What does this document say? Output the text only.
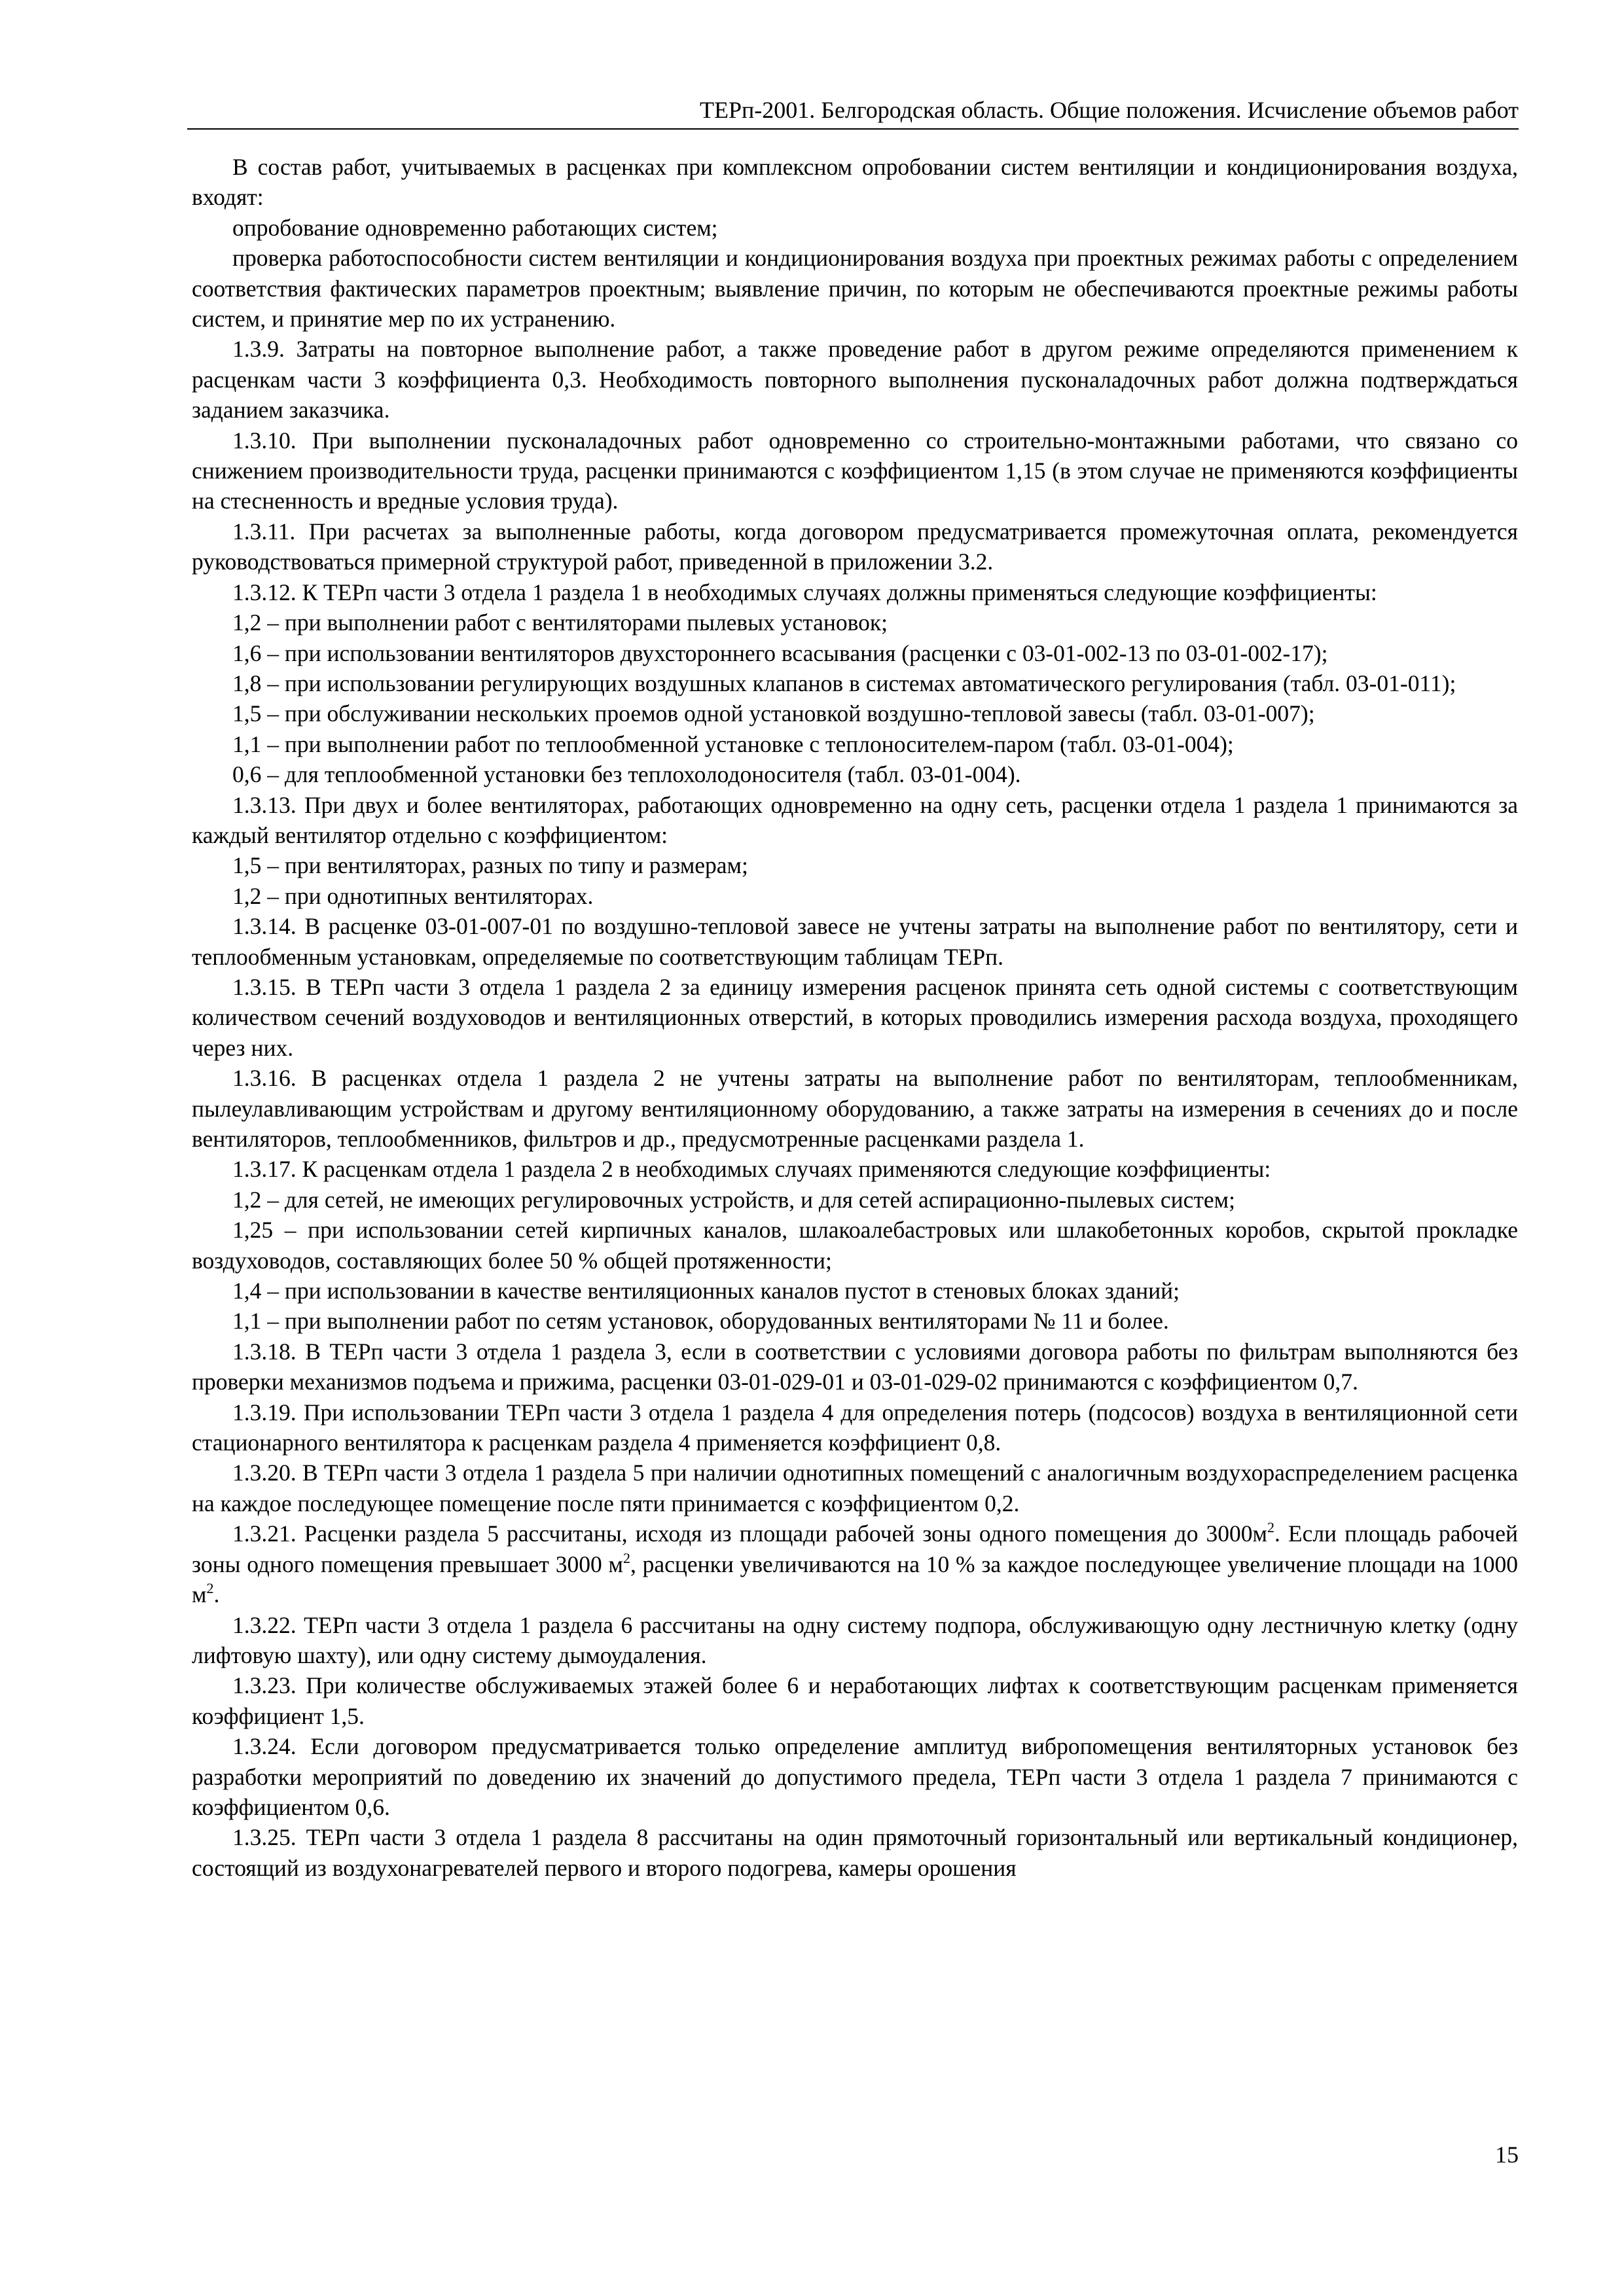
ТЕРп-2001. Белгородская область. Общие положения. Исчисление объемов работ

В состав работ, учитываемых в расценках при комплексном опробовании систем вентиляции и кондиционирования воздуха, входят:

опробование одновременно работающих систем;

проверка работоспособности систем вентиляции и кондиционирования воздуха при проектных режимах работы с определением соответствия фактических параметров проектным; выявление причин, по которым не обеспечиваются проектные режимы работы систем, и принятие мер по их устранению.

1.3.9. Затраты на повторное выполнение работ, а также проведение работ в другом режиме определяются применением к расценкам части 3 коэффициента 0,3. Необходимость повторного выполнения пусконаладочных работ должна подтверждаться заданием заказчика.

1.3.10. При выполнении пусконаладочных работ одновременно со строительно-монтажными работами, что связано со снижением производительности труда, расценки принимаются с коэффициентом 1,15 (в этом случае не применяются коэффициенты на стесненность и вредные условия труда).

1.3.11. При расчетах за выполненные работы, когда договором предусматривается промежуточная оплата, рекомендуется руководствоваться примерной структурой работ, приведенной в приложении 3.2.

1.3.12. К ТЕРп части 3 отдела 1 раздела 1 в необходимых случаях должны применяться следующие коэффициенты:

1,2 – при выполнении работ с вентиляторами пылевых установок;

1,6 – при использовании вентиляторов двухстороннего всасывания (расценки с 03-01-002-13 по 03-01-002-17);

1,8 – при использовании регулирующих воздушных клапанов в системах автоматического регулирования (табл. 03-01-011);

1,5 – при обслуживании нескольких проемов одной установкой воздушно-тепловой завесы (табл. 03-01-007);

1,1 – при выполнении работ по теплообменной установке с теплоносителем-паром (табл. 03-01-004);

0,6 – для теплообменной установки без теплохолодоносителя (табл. 03-01-004).

1.3.13. При двух и более вентиляторах, работающих одновременно на одну сеть, расценки отдела 1 раздела 1 принимаются за каждый вентилятор отдельно с коэффициентом:

1,5 – при вентиляторах, разных по типу и размерам;

1,2 – при однотипных вентиляторах.

1.3.14. В расценке 03-01-007-01 по воздушно-тепловой завесе не учтены затраты на выполнение работ по вентилятору, сети и теплообменным установкам, определяемые по соответствующим таблицам ТЕРп.

1.3.15. В ТЕРп части 3 отдела 1 раздела 2 за единицу измерения расценок принята сеть одной системы с соответствующим количеством сечений воздуховодов и вентиляционных отверстий, в которых проводились измерения расхода воздуха, проходящего через них.

1.3.16. В расценках отдела 1 раздела 2 не учтены затраты на выполнение работ по вентиляторам, теплообменникам, пылеулавливающим устройствам и другому вентиляционному оборудованию, а также затраты на измерения в сечениях до и после вентиляторов, теплообменников, фильтров и др., предусмотренные расценками раздела 1.

1.3.17. К расценкам отдела 1 раздела 2 в необходимых случаях применяются следующие коэффициенты:

1,2 – для сетей, не имеющих регулировочных устройств, и для сетей аспирационно-пылевых систем;

1,25 – при использовании сетей кирпичных каналов, шлакоалебастровых или шлакобетонных коробов, скрытой прокладке воздуховодов, составляющих более 50 % общей протяженности;

1,4 – при использовании в качестве вентиляционных каналов пустот в стеновых блоках зданий;

1,1 – при выполнении работ по сетям установок, оборудованных вентиляторами № 11 и более.

1.3.18. В ТЕРп части 3 отдела 1 раздела 3, если в соответствии с условиями договора работы по фильтрам выполняются без проверки механизмов подъема и прижима, расценки 03-01-029-01 и 03-01-029-02 принимаются с коэффициентом 0,7.

1.3.19. При использовании ТЕРп части 3 отдела 1 раздела 4 для определения потерь (подсосов) воздуха в вентиляционной сети стационарного вентилятора к расценкам раздела 4 применяется коэффициент 0,8.

1.3.20. В ТЕРп части 3 отдела 1 раздела 5 при наличии однотипных помещений с аналогичным воздухораспределением расценка на каждое последующее помещение после пяти принимается с коэффициентом 0,2.

1.3.21. Расценки раздела 5 рассчитаны, исходя из площади рабочей зоны одного помещения до $3000м^2$. Если площадь рабочей зоны одного помещения превышает 3000 $м^2$, расценки увеличиваются на 10 % за каждое последующее увеличение площади на 1000 $м^2$.

1.3.22. ТЕРп части 3 отдела 1 раздела 6 рассчитаны на одну систему подпора, обслуживающую одну лестничную клетку (одну лифтовую шахту), или одну систему дымоудаления.

1.3.23. При количестве обслуживаемых этажей более 6 и неработающих лифтах к соответствующим расценкам применяется коэффициент 1,5.

1.3.24. Если договором предусматривается только определение амплитуд вибропомещения вентиляторных установок без разработки мероприятий по доведению их значений до допустимого предела, ТЕРп части 3 отдела 1 раздела 7 принимаются с коэффициентом 0,6.

1.3.25. ТЕРп части 3 отдела 1 раздела 8 рассчитаны на один прямоточный горизонтальный или вертикальный кондиционер, состоящий из воздухонагревателей первого и второго подогрева, камеры орошения

15
